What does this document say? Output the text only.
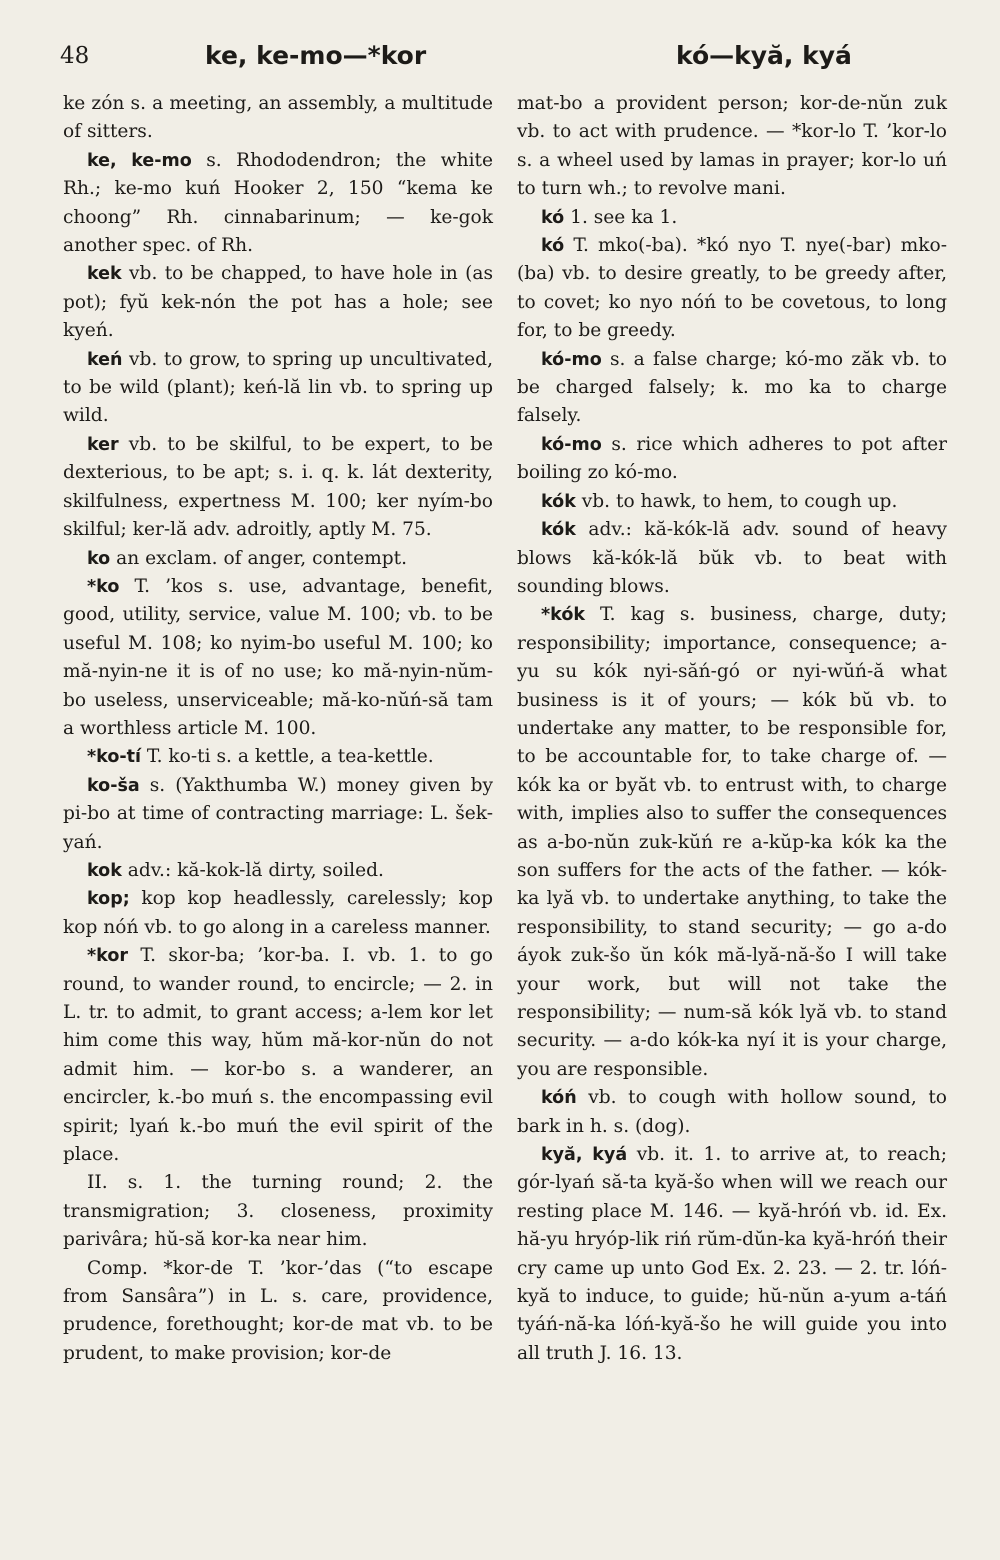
48	ke, ke-mo—*kor	kó—kyă, kyá

ke zón s. a meeting, an assembly, a multitude of sitters.

ke, ke-mo s. Rhododendron; the white Rh.; ke-mo kuń Hooker 2, 150 “kema ke choong” Rh. cinnabarinum; — ke-gok another spec. of Rh.

kek vb. to be chapped, to have hole in (as pot); fyŭ kek-nón the pot has a hole; see kyeń.

keń vb. to grow, to spring up uncultivated, to be wild (plant); keń-lă lin vb. to spring up wild.

ker vb. to be skilful, to be expert, to be dexterious, to be apt; s. i. q. k. lát dexterity, skilfulness, expertness M. 100; ker nyím-bo skilful; ker-lă adv. adroitly, aptly M. 75.

ko an exclam. of anger, contempt.

*ko T. ’kos s. use, advantage, benefit, good, utility, service, value M. 100; vb. to be useful M. 108; ko nyim-bo useful M. 100; ko mă-nyin-ne it is of no use; ko mă-nyin-nŭm-bo useless, unserviceable; mă-ko-nŭń-să tam a worthless article M. 100.

*ko-tí T. ko-ti s. a kettle, a tea-kettle.

ko-ša s. (Yakthumba W.) money given by pi-bo at time of contracting marriage: L. šek-yań.

kok adv.: kă-kok-lă dirty, soiled.

kop; kop kop headlessly, carelessly; kop kop nóń vb. to go along in a careless manner.

*kor T. skor-ba; ’kor-ba. I. vb. 1. to go round, to wander round, to encircle; — 2. in L. tr. to admit, to grant access; a-lem kor let him come this way, hŭm mă-kor-nŭn do not admit him. — kor-bo s. a wanderer, an encircler, k.-bo muń s. the encompassing evil spirit; lyań k.-bo muń the evil spirit of the place.

II. s. 1. the turning round; 2. the transmigration; 3. closeness, proximity parivâra; hŭ-să kor-ka near him.

Comp. *kor-de T. ’kor-’das (“to escape from Sansâra”) in L. s. care, providence, prudence, forethought; kor-de mat vb. to be prudent, to make provision; kor-de

mat-bo a provident person; kor-de-nŭn zuk vb. to act with prudence. — *kor-lo T. ’kor-lo s. a wheel used by lamas in prayer; kor-lo uń to turn wh.; to revolve mani.

kó 1. see ka 1.

kó T. mko(-ba). *kó nyo T. nye(-bar) mko-(ba) vb. to desire greatly, to be greedy after, to covet; ko nyo nóń to be covetous, to long for, to be greedy.

kó-mo s. a false charge; kó-mo zăk vb. to be charged falsely; k. mo ka to charge falsely.

kó-mo s. rice which adheres to pot after boiling zo kó-mo.

kók vb. to hawk, to hem, to cough up.

kók adv.: kă-kók-lă adv. sound of heavy blows kă-kók-lă bŭk vb. to beat with sounding blows.

*kók T. kag s. business, charge, duty; responsibility; importance, consequence; a-yu su kók nyi-săń-gó or nyi-wŭń-ă what business is it of yours; — kók bŭ vb. to undertake any matter, to be responsible for, to be accountable for, to take charge of. — kók ka or byăt vb. to entrust with, to charge with, implies also to suffer the consequences as a-bo-nŭn zuk-kŭń re a-kŭp-ka kók ka the son suffers for the acts of the father. — kók-ka lyă vb. to undertake anything, to take the responsibility, to stand security; — go a-do áyok zuk-šo ŭn kók mă-lyă-nă-šo I will take your work, but will not take the responsibility; — num-să kók lyă vb. to stand security. — a-do kók-ka nyí it is your charge, you are responsible.

kóń vb. to cough with hollow sound, to bark in h. s. (dog).

kyă, kyá vb. it. 1. to arrive at, to reach; gór-lyań să-ta kyă-šo when will we reach our resting place M. 146. — kyă-hróń vb. id. Ex. hă-yu hryóp-lik riń rŭm-dŭn-ka kyă-hróń their cry came up unto God Ex. 2. 23. — 2. tr. lóń-kyă to induce, to guide; hŭ-nŭn a-yum a-táń tyáń-nă-ka lóń-kyă-šo he will guide you into all truth J. 16. 13.
